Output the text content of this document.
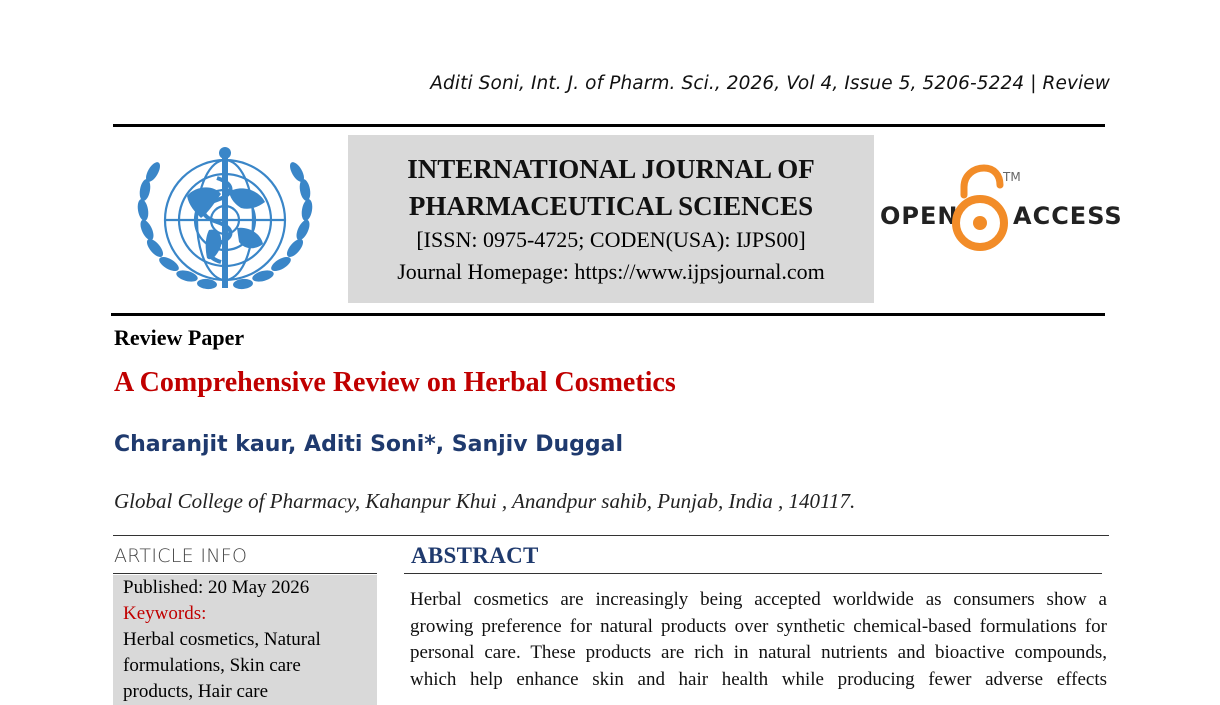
Aditi Soni, Int. J. of Pharm. Sci., 2026, Vol 4, Issue 5, 5206-5224 | Review
INTERNATIONAL JOURNAL OF
PHARMACEUTICAL SCIENCES
[ISSN: 0975-4725; CODEN(USA): IJPS00]
Journal Homepage: https://www.ijpsjournal.com
OPEN
TM
ACCESS
Review Paper
A Comprehensive Review on Herbal Cosmetics
Charanjit kaur, Aditi Soni*, Sanjiv Duggal
Global College of Pharmacy, Kahanpur Khui , Anandpur sahib, Punjab, India , 140117.
ARTICLE INFO
Published: 20 May 2026
Keywords:
Herbal cosmetics, Natural
formulations, Skin care
products, Hair care
ABSTRACT
Herbal cosmetics are increasingly being accepted worldwide as consumers show a
growing preference for natural products over synthetic chemical-based formulations for
personal care. These products are rich in natural nutrients and bioactive compounds,
which help enhance skin and hair health while producing fewer adverse effects
